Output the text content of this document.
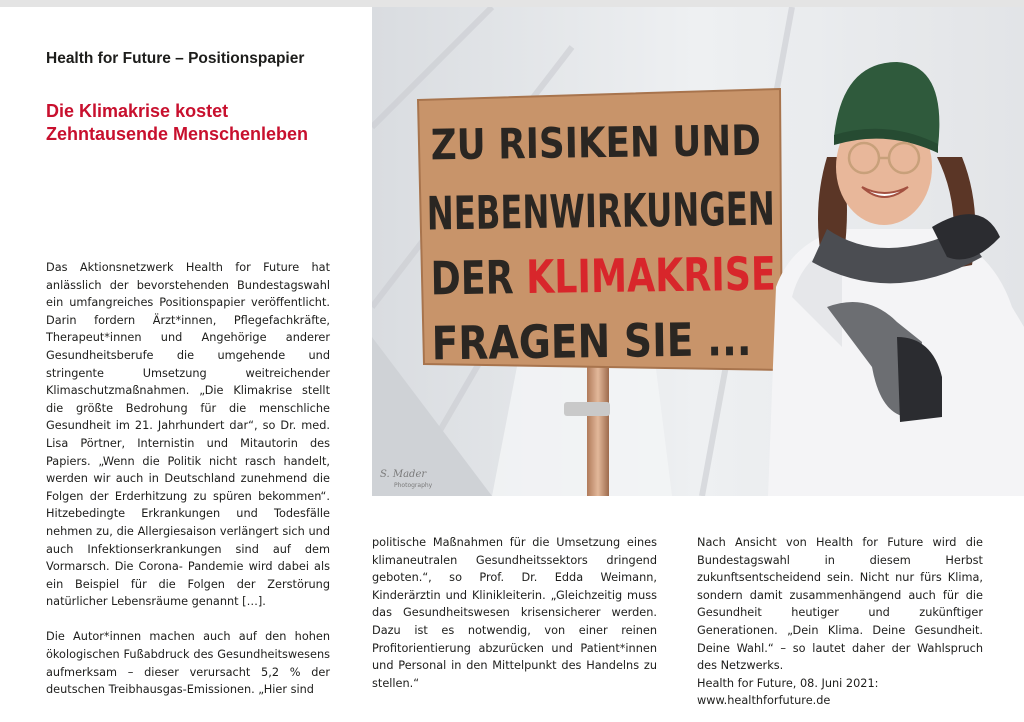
Health for Future – Positionspapier
Die Klimakrise kostet
Zehntausende Menschenleben	ZU RISIKEN UND
NEBENWIRKUNGEN
DER KLIMAKRISE
FRAGEN SIE ...
S. Mader
Photography

Das Aktionsnetzwerk Health for Future hat anlässlich der bevorstehenden Bundestagswahl ein umfangreiches Positionspapier veröffentlicht. Darin fordern Ärzt*innen, Pflegefachkräfte, Therapeut*innen und Angehörige anderer Gesundheitsberufe die umgehende und stringente Umsetzung weitreichender Klimaschutzmaßnahmen. „Die Klimakrise stellt die größte Bedrohung für die menschliche Gesundheit im 21. Jahrhundert dar“, so Dr. med. Lisa Pörtner, Internistin und Mitautorin des Papiers. „Wenn die Politik nicht rasch handelt, werden wir auch in Deutschland zunehmend die Folgen der Erderhitzung zu spüren bekommen“. Hitzebedingte Erkrankungen und Todesfälle nehmen zu, die Allergiesaison verlängert sich und auch Infektionserkrankungen sind auf dem Vormarsch. Die Corona- Pandemie wird dabei als ein Beispiel für die Folgen der Zerstörung natürlicher Lebensräume genannt […].

Die Autor*innen machen auch auf den hohen ökologischen Fußabdruck des Gesundheitswesens aufmerksam – dieser verursacht 5,2 % der deutschen Treibhausgas-Emissionen. „Hier sind

politische Maßnahmen für die Umsetzung eines klimaneutralen Gesundheitssektors dringend geboten.“, so Prof. Dr. Edda Weimann, Kinderärztin und Klinikleiterin. „Gleichzeitig muss das Gesundheitswesen krisensicherer werden. Dazu ist es notwendig, von einer reinen Profitorientierung abzurücken und Patient*innen und Personal in den Mittelpunkt des Handelns zu stellen.“

Nach Ansicht von Health for Future wird die Bundestagswahl in diesem Herbst zukunftsentscheidend sein. Nicht nur fürs Klima, sondern damit zusammenhängend auch für die Gesundheit heutiger und zukünftiger Generationen. „Dein Klima. Deine Gesundheit. Deine Wahl.“ – so lautet daher der Wahlspruch des Netzwerks.

Health for Future, 08. Juni 2021:
www.healthforfuture.de
